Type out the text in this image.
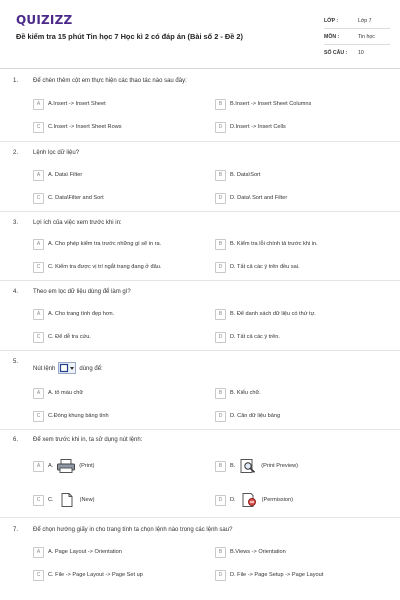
QUIZIZZ
Đề kiểm tra 15 phút Tin học 7 Học kì 2 có đáp án (Bài số 2 - Đề 2)
LỚP :	Lớp 7
MÔN :	Tin học
SỐ CÂU :	10
1. Để chèn thêm cột em thực hiện các thao tác nào sau đây:
A	A.Insert -> Insert Sheet	B	B.Insert -> Insert Sheet Columns
C	C.Insert -> Insert Sheet Rows	D	D.Insert -> Insert Cells
2. Lệnh lọc dữ liệu?
A	A. Data\ Filter	B	B. Data\Sort
C	C. Data\Filter and Sort	D	D. Data\ Sort and Filter
3. Lợi ích của việc xem trước khi in:
A	A. Cho phép kiểm tra trước những gì sẽ in ra.	B	B. Kiểm tra lỗi chính tả trước khi in.
C	C. Kiểm tra được vị trí ngắt trang đang ở đâu.	D	D. Tất cả các ý trên đều sai.
4. Theo em lọc dữ liệu dùng để làm gì?
A	A. Cho trang tính đẹp hơn.	B	B. Để danh sách dữ liệu có thứ tự.
C	C. Để dễ tra cứu.	D	D. Tất cả các ý trên.
5.
Nút lệnh	dùng để:
A	A. tô màu chữ	B	B. Kiểu chữ.
C	C.Đóng khung bảng tính	D	D. Căn dữ liệu bảng
6. Để xem trước khi in, ta sử dụng nút lệnh:
A	A.	(Print)	B	B.	(Print Preview)
C	C.	(New)	D	D.	(Permission)
7. Để chọn hướng giấy in cho trang tính ta chọn lệnh nào trong các lệnh sau?
A	A. Page Layout -> Orientation	B	B.Views -> Orientation
C	C. File -> Page Layout -> Page Set up	D	D. File -> Page Setup -> Page Layout
